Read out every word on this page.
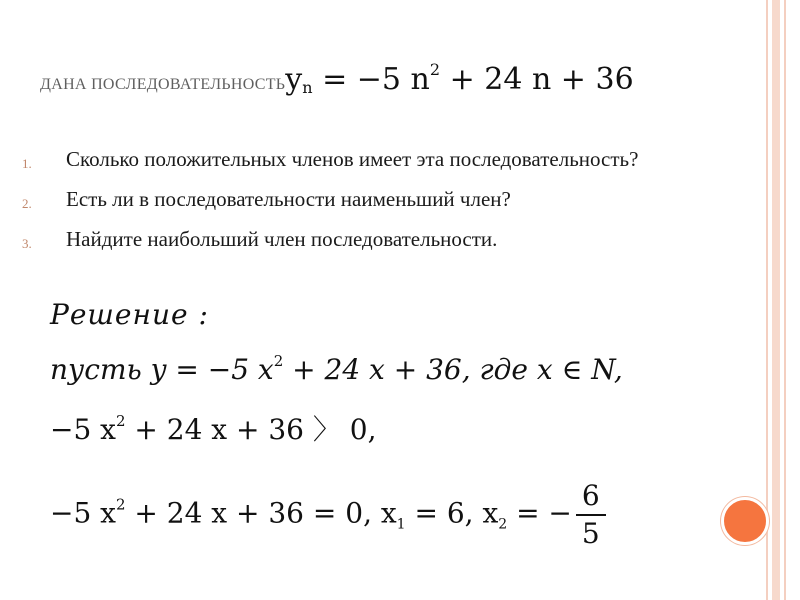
ДАНА ПОСЛЕДОВАТЕЛЬНОСТЬy$_n$ = −5 $n^2 + 24$ n + 36
1.	Сколько положительных членов имеет эта последовательность?
2.	Есть ли в последовательности наименьший член?
3.	Найдите наибольший член последовательности.
Решение :
пусть y = −5 $x^2 + 24$ x + 36, где x ∈ N,
−5 $x^2 + 24$ x + 36 〉 0,
−5 $x^2 + 24$ x + 36 = 0, $x_1 = 6$, $x_2$ = − $\frac{6}{5}$
